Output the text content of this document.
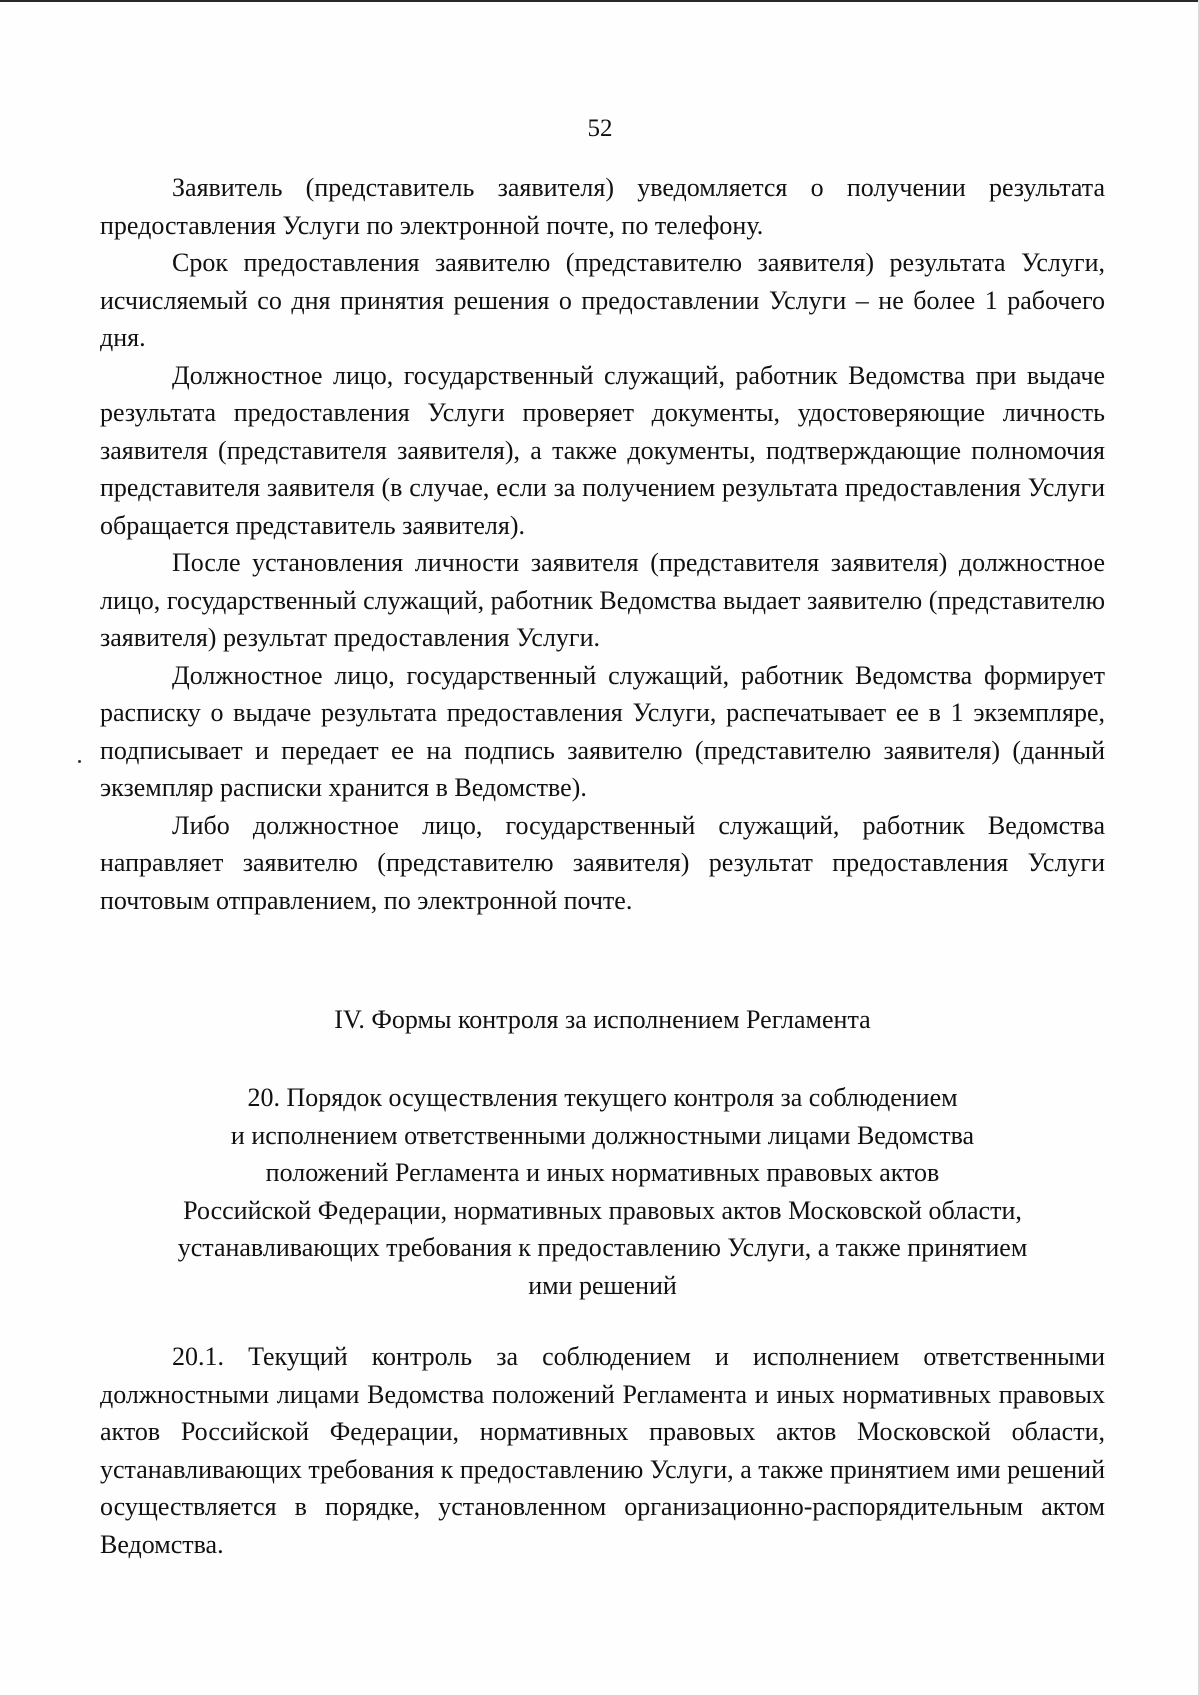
52

Заявитель (представитель заявителя) уведомляется о получении результата предоставления Услуги по электронной почте, по телефону.

Срок предоставления заявителю (представителю заявителя) результата Услуги, исчисляемый со дня принятия решения о предоставлении Услуги – не более 1 рабочего дня.

Должностное лицо, государственный служащий, работник Ведомства при выдаче результата предоставления Услуги проверяет документы, удостоверяющие личность заявителя (представителя заявителя), а также документы, подтверждающие полномочия представителя заявителя (в случае, если за получением результата предоставления Услуги обращается представитель заявителя).

После установления личности заявителя (представителя заявителя) должностное лицо, государственный служащий, работник Ведомства выдает заявителю (представителю заявителя) результат предоставления Услуги.

Должностное лицо, государственный служащий, работник Ведомства формирует расписку о выдаче результата предоставления Услуги, распечатывает ее в 1 экземпляре, подписывает и передает ее на подпись заявителю (представителю заявителя) (данный экземпляр расписки хранится в Ведомстве).

Либо должностное лицо, государственный служащий, работник Ведомства направляет заявителю (представителю заявителя) результат предоставления Услуги почтовым отправлением, по электронной почте.

IV. Формы контроля за исполнением Регламента
20. Порядок осуществления текущего контроля за соблюдением
и исполнением ответственными должностными лицами Ведомства
положений Регламента и иных нормативных правовых актов
Российской Федерации, нормативных правовых актов Московской области,
устанавливающих требования к предоставлению Услуги, а также принятием
ими решений

20.1. Текущий контроль за соблюдением и исполнением ответственными должностными лицами Ведомства положений Регламента и иных нормативных правовых актов Российской Федерации, нормативных правовых актов Московской области, устанавливающих требования к предоставлению Услуги, а также принятием ими решений осуществляется в порядке, установленном организационно-распорядительным актом Ведомства.
